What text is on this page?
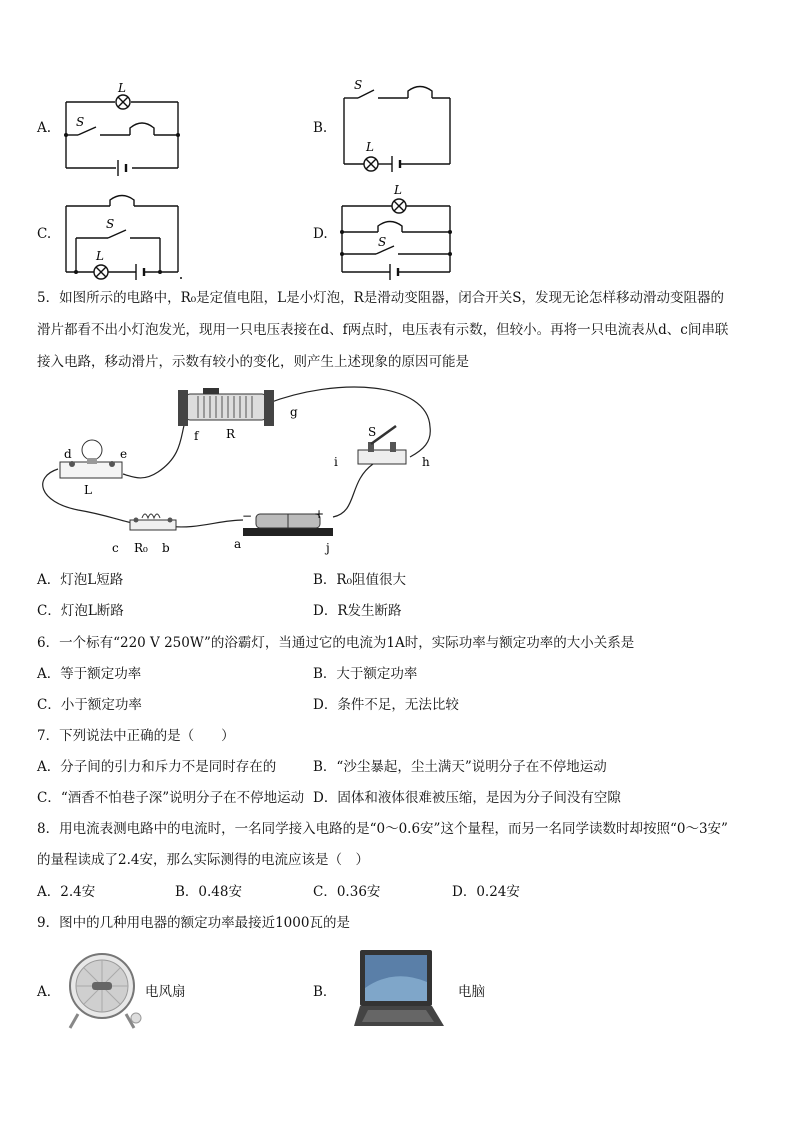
A.
L
S	B.
S
L
C.
S
L
D.
L
S
5．如图所示的电路中，R₀是定值电阻，L是小灯泡，R是滑动变阻器，闭合开关S，发现无论怎样移动滑动变阻器的
滑片都看不出小灯泡发光，现用一只电压表接在d、f两点时，电压表有示数，但较小。再将一只电流表从d、c间串联
接入电路，移动滑片，示数有较小的变化，则产生上述现象的原因可能是
R
g
f
d	e
L
S
i	h
c R₀ b	a	j
−	+
A．灯泡L短路	B．R₀阻值很大
C．灯泡L断路	D．R发生断路
6．一个标有“220 V 250W”的浴霸灯，当通过它的电流为1A时，实际功率与额定功率的大小关系是
A．等于额定功率	B．大于额定功率
C．小于额定功率	D．条件不足，无法比较
7．下列说法中正确的是（　　）
A．分子间的引力和斥力不是同时存在的	B．“沙尘暴起，尘土满天”说明分子在不停地运动
C．“酒香不怕巷子深”说明分子在不停地运动 D．固体和液体很难被压缩，是因为分子间没有空隙
8．用电流表测电路中的电流时，一名同学接入电路的是“0～0.6安”这个量程，而另一名同学读数时却按照“0～3安”
的量程读成了2.4安，那么实际测得的电流应该是（　）
A．2.4安	B．0.48安	C．0.36安	D．0.24安
9．图中的几种用电器的额定功率最接近1000瓦的是
A．	电风扇	B．	电脑
